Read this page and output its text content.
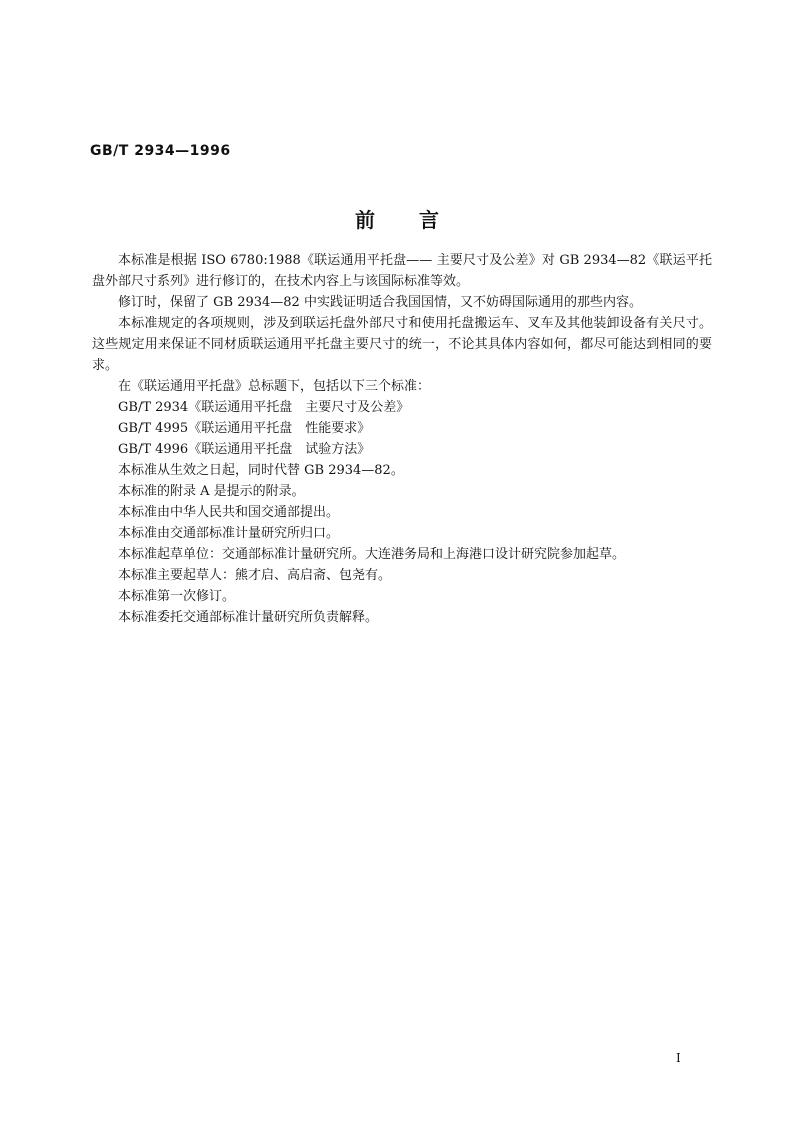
GB/T 2934—1996
前言

本标准是根据 ISO 6780:1988《联运通用平托盘—— 主要尺寸及公差》对 GB 2934—82《联运平托盘外部尺寸系列》进行修订的，在技术内容上与该国际标准等效。

修订时，保留了 GB 2934—82 中实践证明适合我国国情，又不妨碍国际通用的那些内容。

本标准规定的各项规则，涉及到联运托盘外部尺寸和使用托盘搬运车、叉车及其他装卸设备有关尺寸。这些规定用来保证不同材质联运通用平托盘主要尺寸的统一，不论其具体内容如何，都尽可能达到相同的要求。

在《联运通用平托盘》总标题下，包括以下三个标准：

GB/T 2934《联运通用平托盘　主要尺寸及公差》

GB/T 4995《联运通用平托盘　性能要求》

GB/T 4996《联运通用平托盘　试验方法》

本标准从生效之日起，同时代替 GB 2934—82。

本标准的附录 A 是提示的附录。

本标准由中华人民共和国交通部提出。

本标准由交通部标准计量研究所归口。

本标准起草单位：交通部标准计量研究所。大连港务局和上海港口设计研究院参加起草。

本标准主要起草人：熊才启、高启斋、包尧有。

本标准第一次修订。

本标准委托交通部标准计量研究所负责解释。

I
